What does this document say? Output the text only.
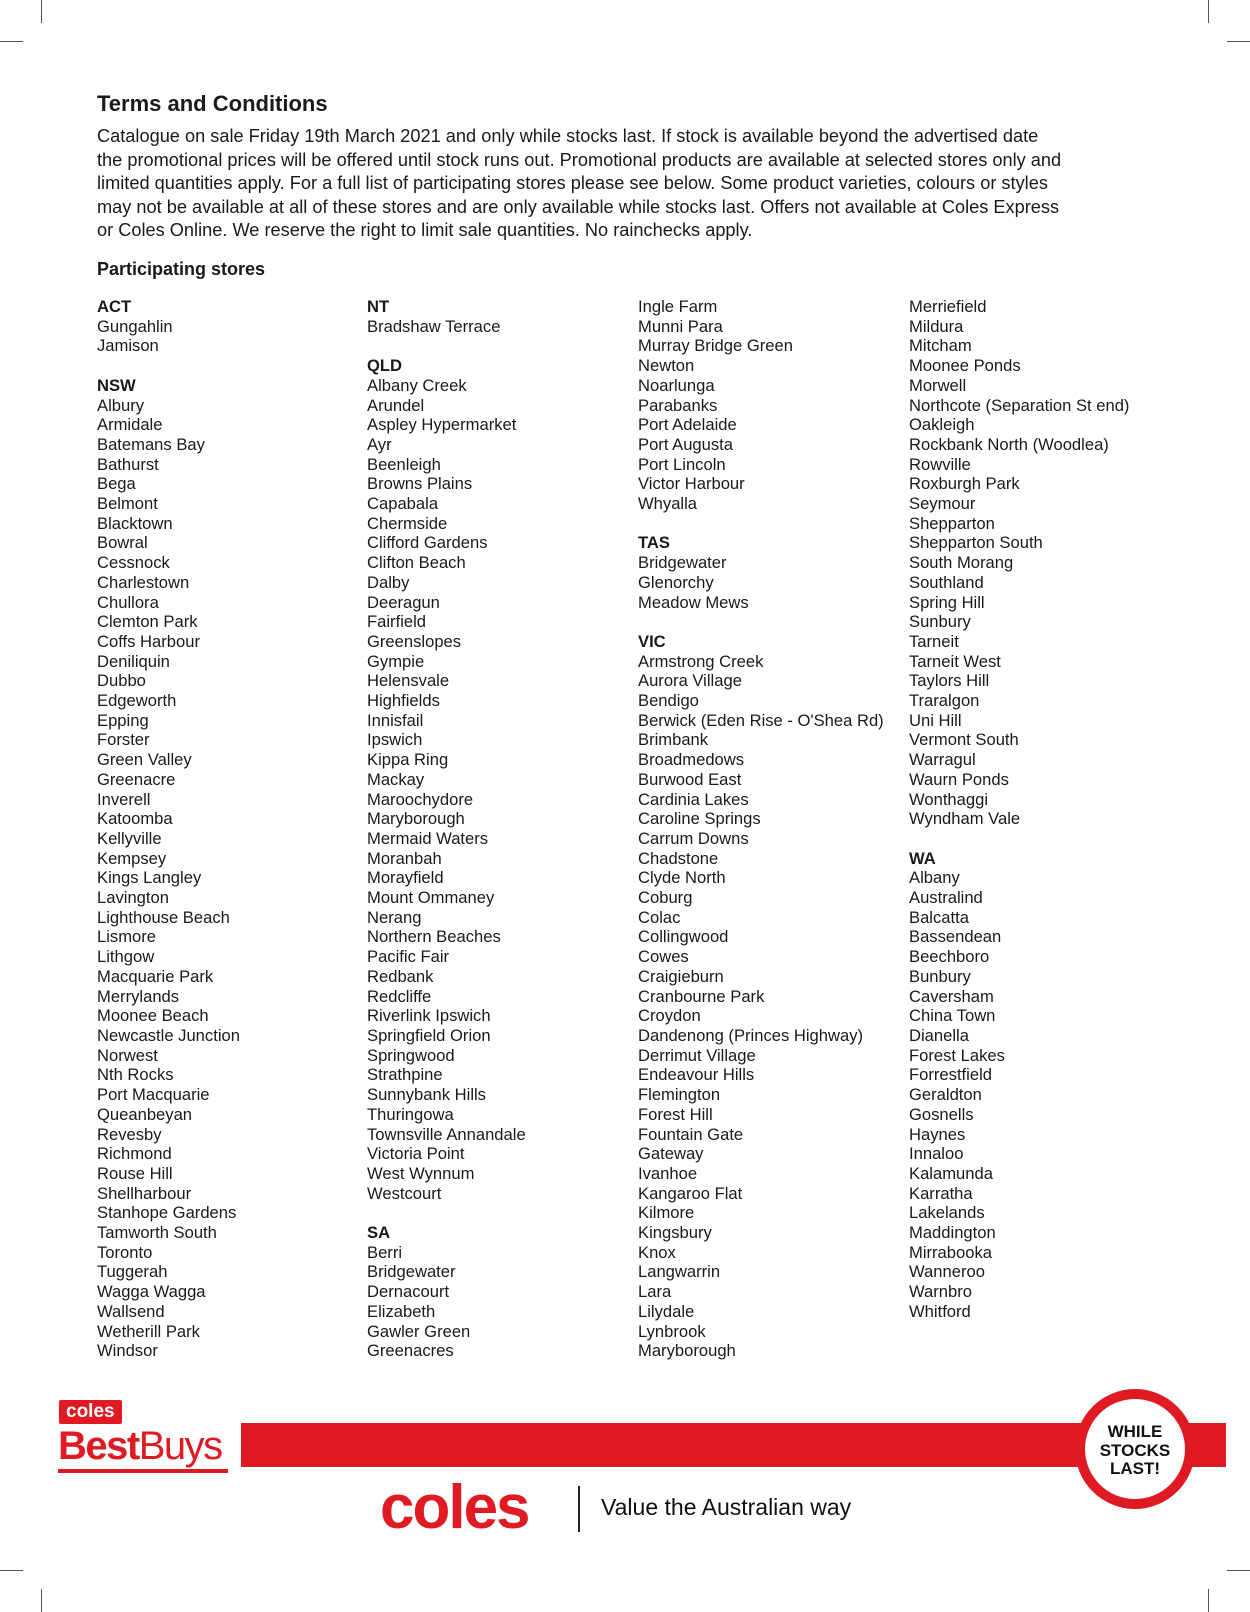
Terms and Conditions
Catalogue on sale Friday 19th March 2021 and only while stocks last. If stock is available beyond the advertised date
the promotional prices will be offered until stock runs out. Promotional products are available at selected stores only and
limited quantities apply. For a full list of participating stores please see below. Some product varieties, colours or styles
may not be available at all of these stores and are only available while stocks last. Offers not available at Coles Express
or Coles Online. We reserve the right to limit sale quantities. No rainchecks apply.
Participating stores
ACT
Gungahlin
Jamison
NSW
Albury
Armidale
Batemans Bay
Bathurst
Bega
Belmont
Blacktown
Bowral
Cessnock
Charlestown
Chullora
Clemton Park
Coffs Harbour
Deniliquin
Dubbo
Edgeworth
Epping
Forster
Green Valley
Greenacre
Inverell
Katoomba
Kellyville
Kempsey
Kings Langley
Lavington
Lighthouse Beach
Lismore
Lithgow
Macquarie Park
Merrylands
Moonee Beach
Newcastle Junction
Norwest
Nth Rocks
Port Macquarie
Queanbeyan
Revesby
Richmond
Rouse Hill
Shellharbour
Stanhope Gardens
Tamworth South
Toronto
Tuggerah
Wagga Wagga
Wallsend
Wetherill Park
Windsor
NT
Bradshaw Terrace
QLD
Albany Creek
Arundel
Aspley Hypermarket
Ayr
Beenleigh
Browns Plains
Capabala
Chermside
Clifford Gardens
Clifton Beach
Dalby
Deeragun
Fairfield
Greenslopes
Gympie
Helensvale
Highfields
Innisfail
Ipswich
Kippa Ring
Mackay
Maroochydore
Maryborough
Mermaid Waters
Moranbah
Morayfield
Mount Ommaney
Nerang
Northern Beaches
Pacific Fair
Redbank
Redcliffe
Riverlink Ipswich
Springfield Orion
Springwood
Strathpine
Sunnybank Hills
Thuringowa
Townsville Annandale
Victoria Point
West Wynnum
Westcourt
SA
Berri
Bridgewater
Dernacourt
Elizabeth
Gawler Green
Greenacres
Ingle Farm
Munni Para
Murray Bridge Green
Newton
Noarlunga
Parabanks
Port Adelaide
Port Augusta
Port Lincoln
Victor Harbour
Whyalla
TAS
Bridgewater
Glenorchy
Meadow Mews
VIC
Armstrong Creek
Aurora Village
Bendigo
Berwick (Eden Rise - O'Shea Rd)
Brimbank
Broadmedows
Burwood East
Cardinia Lakes
Caroline Springs
Carrum Downs
Chadstone
Clyde North
Coburg
Colac
Collingwood
Cowes
Craigieburn
Cranbourne Park
Croydon
Dandenong (Princes Highway)
Derrimut Village
Endeavour Hills
Flemington
Forest Hill
Fountain Gate
Gateway
Ivanhoe
Kangaroo Flat
Kilmore
Kingsbury
Knox
Langwarrin
Lara
Lilydale
Lynbrook
Maryborough
Merriefield
Mildura
Mitcham
Moonee Ponds
Morwell
Northcote (Separation St end)
Oakleigh
Rockbank North (Woodlea)
Rowville
Roxburgh Park
Seymour
Shepparton
Shepparton South
South Morang
Southland
Spring Hill
Sunbury
Tarneit
Tarneit West
Taylors Hill
Traralgon
Uni Hill
Vermont South
Warragul
Waurn Ponds
Wonthaggi
Wyndham Vale
WA
Albany
Australind
Balcatta
Bassendean
Beechboro
Bunbury
Caversham
China Town
Dianella
Forest Lakes
Forrestfield
Geraldton
Gosnells
Haynes
Innaloo
Kalamunda
Karratha
Lakelands
Maddington
Mirrabooka
Wanneroo
Warnbro
Whitford
coles
BestBuys	WHILE
STOCKS
LAST!
coles	Value the Australian way
